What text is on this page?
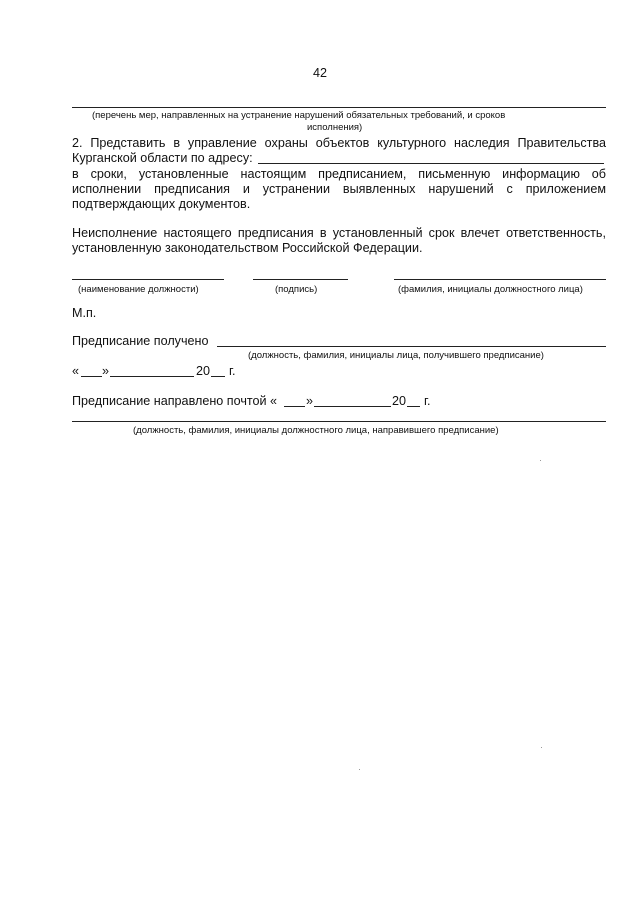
42
(перечень мер, направленных на устранение нарушений обязательных требований, и сроков
исполнения)
2. Представить в управление охраны объектов культурного наследия Правительства
Курганской области по адресу:
в сроки, установленные настоящим предписанием, письменную информацию об
исполнении предписания и устранении выявленных нарушений с приложением
подтверждающих документов.
Неисполнение настоящего предписания в установленный срок влечет ответственность,
установленную законодательством Российской Федерации.
(наименование должности)	(подпись)	(фамилия, инициалы должностного лица)
М.п.
Предписание получено
(должность, фамилия, инициалы лица, получившего предписание)
« »	20 г.
Предписание направлено почтой « »	20 г.
(должность, фамилия, инициалы должностного лица, направившего предписание)
